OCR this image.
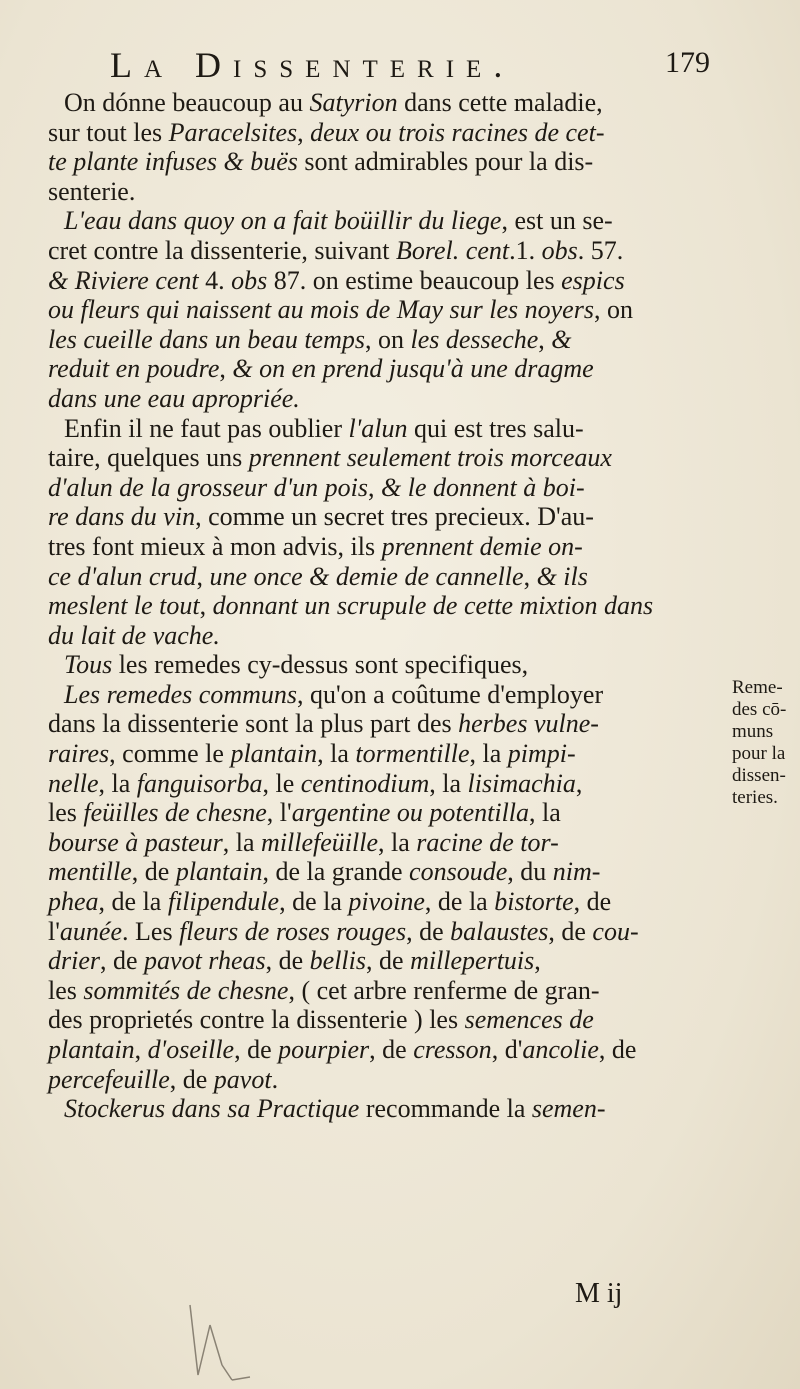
La Dissenterie.	179
On dónne beaucoup au Satyrion dans cette maladie,
sur tout les Paracelsites, deux ou trois racines de cet-
te plante infuses & buës sont admirables pour la dis-
senterie.
L'eau dans quoy on a fait boüillir du liege, est un se-
cret contre la dissenterie, suivant Borel. cent.1. obs. 57.
& Riviere cent 4. obs 87. on estime beaucoup les espics
ou fleurs qui naissent au mois de May sur les noyers, on
les cueille dans un beau temps, on les desseche, &
reduit en poudre, & on en prend jusqu'à une dragme
dans une eau apropriée.
Enfin il ne faut pas oublier l'alun qui est tres salu-
taire, quelques uns prennent seulement trois morceaux
d'alun de la grosseur d'un pois, & le donnent à boi-
re dans du vin, comme un secret tres precieux. D'au-
tres font mieux à mon advis, ils prennent demie on-
ce d'alun crud, une once & demie de cannelle, & ils
meslent le tout, donnant un scrupule de cette mixtion dans
du lait de vache.
Tous les remedes cy-dessus sont specifiques,
Les remedes communs, qu'on a coûtume d'employer
dans la dissenterie sont la plus part des herbes vulne-
raires, comme le plantain, la tormentille, la pimpi-
nelle, la fanguisorba, le centinodium, la lisimachia,
les feüilles de chesne, l'argentine ou potentilla, la
bourse à pasteur, la millefeüille, la racine de tor-
mentille, de plantain, de la grande consoude, du nim-
phea, de la filipendule, de la pivoine, de la bistorte, de
l'aunée. Les fleurs de roses rouges, de balaustes, de cou-
drier, de pavot rheas, de bellis, de millepertuis,
les sommités de chesne, ( cet arbre renferme de gran-
des proprietés contre la dissenterie ) les semences de
plantain, d'oseille, de pourpier, de cresson, d'ancolie, de
percefeuille, de pavot.
Stockerus dans sa Practique recommande la semen-
Reme-
des cō-
muns
pour la
dissen-
teries.
M ij
